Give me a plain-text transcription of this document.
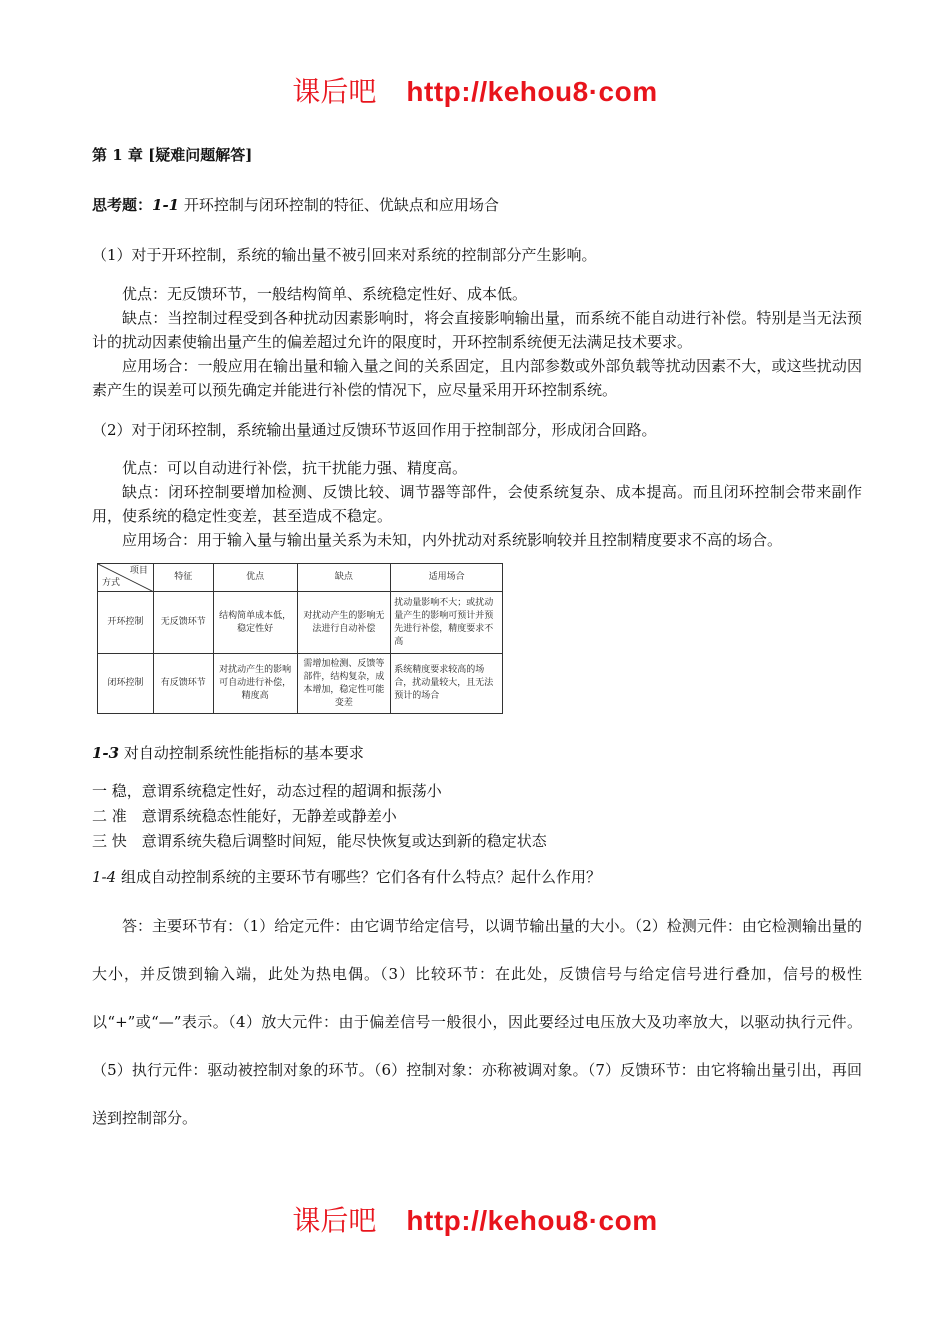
课后吧 http://kehou8·com
第 1 章 [疑难问题解答]
思考题：1-1 开环控制与闭环控制的特征、优缺点和应用场合
（1）对于开环控制，系统的输出量不被引回来对系统的控制部分产生影响。

优点：无反馈环节，一般结构简单、系统稳定性好、成本低。

缺点：当控制过程受到各种扰动因素影响时，将会直接影响输出量，而系统不能自动进行补偿。特别是当无法预计的扰动因素使输出量产生的偏差超过允许的限度时，开环控制系统便无法满足技术要求。

应用场合：一般应用在输出量和输入量之间的关系固定，且内部参数或外部负载等扰动因素不大，或这些扰动因素产生的误差可以预先确定并能进行补偿的情况下，应尽量采用开环控制系统。

（2）对于闭环控制，系统输出量通过反馈环节返回作用于控制部分，形成闭合回路。

优点：可以自动进行补偿，抗干扰能力强、精度高。

缺点：闭环控制要增加检测、反馈比较、调节器等部件，会使系统复杂、成本提高。而且闭环控制会带来副作用，使系统的稳定性变差，甚至造成不稳定。

应用场合：用于输入量与输出量关系为未知，内外扰动对系统影响较并且控制精度要求不高的场合。

项目
方式	特征	优点	缺点	适用场合
开环控制	无反馈环节	结构简单成本低，稳定性好	对扰动产生的影响无法进行自动补偿	扰动量影响不大；或扰动量产生的影响可预计并预先进行补偿，精度要求不高
闭环控制	有反馈环节	对扰动产生的影响可自动进行补偿，精度高	需增加检测、反馈等部件，结构复杂，成本增加，稳定性可能变差	系统精度要求较高的场合，扰动量较大，且无法预计的场合
1-3 对自动控制系统性能指标的基本要求
一 稳，意谓系统稳定性好，动态过程的超调和振荡小
二 准　意谓系统稳态性能好，无静差或静差小
三 快　意谓系统失稳后调整时间短，能尽快恢复或达到新的稳定状态
1-4 组成自动控制系统的主要环节有哪些？它们各有什么特点？起什么作用？
答：主要环节有：（1）给定元件：由它调节给定信号，以调节输出量的大小。（2）检测元件：由它检测输出量的大小，并反馈到输入端，此处为热电偶。（3）比较环节：在此处，反馈信号与给定信号进行叠加，信号的极性以“+”或“—”表示。（4）放大元件：由于偏差信号一般很小，因此要经过电压放大及功率放大，以驱动执行元件。（5）执行元件：驱动被控制对象的环节。（6）控制对象：亦称被调对象。（7）反馈环节：由它将输出量引出，再回送到控制部分。
课后吧 http://kehou8·com
